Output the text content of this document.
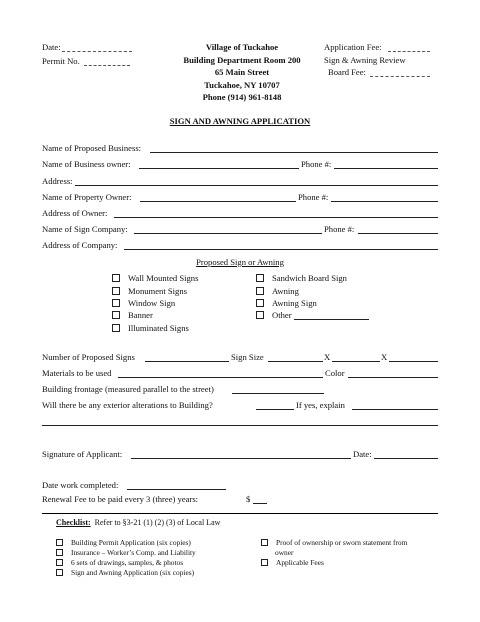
Date:
Permit No.
Village of Tuckahoe
Building Department Room 200
65 Main Street
Tuckahoe, NY 10707
Phone (914) 961-8148
Application Fee:
Sign & Awning Review
Board Fee:
SIGN AND AWNING APPLICATION
Name of Proposed Business:
Name of Business owner:	Phone #:
Address:
Name of Property Owner:	Phone #:
Address of Owner:
Name of Sign Company:	Phone #:
Address of Company:
Proposed Sign or Awning
Wall Mounted Signs
Monument Signs
Window Sign
Banner
Illuminated Signs
Sandwich Board Sign
Awning
Awning Sign
Other
Number of Proposed Signs	Sign Size	X	X
Materials to be used	Color
Building frontage (measured parallel to the street)
Will there be any exterior alterations to Building?	If yes, explain
Signature of Applicant:	Date:
Date work completed:
Renewal Fee to be paid every 3 (three) years:	$
Checklist: Refer to §3-21 (1) (2) (3) of Local Law
Building Permit Application (six copies)
Insurance – Worker’s Comp. and Liability
6 sets of drawings, samples, & photos
Sign and Awning Application (six copies)
Proof of ownership or sworn statement from
owner
Applicable Fees
